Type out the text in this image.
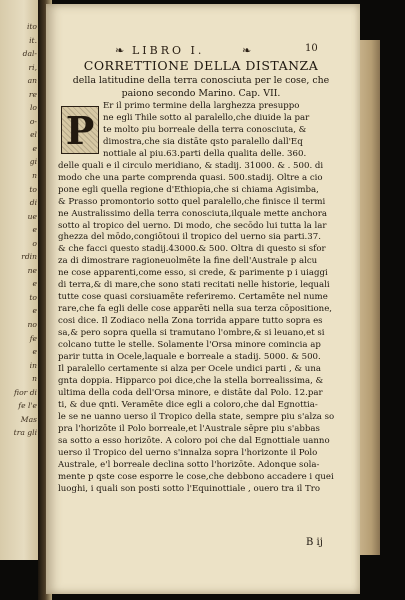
ito
it.
dal-
ri,
an
re
lo
o-
el
e
gi
n
to
di
ue
e
o
rdin
ne
e
to
e
no
fe
e
in
n
fior di
fe l'e
Mas
tra gli
❧ LIBRO I.	❧	10
CORRETTIONE DELLA DISTANZA
della latitudine della terra conosciuta per le cose, che
paiono secondo Marino. Cap. VII.
Er il primo termine della larghezza presuppo
ne egli Thile sotto al paralello,che diuide la par
te molto piu borreale della terra conosciuta, &
dimostra,che sia distāte qsto paralello dall'Eq
nottiale al piu.63.parti della qualita delle. 360.
delle quali e il circulo meridiano, & stadij. 31000. & . 500. di
modo che una parte comprenda quasi. 500.stadij. Oltre a cio
pone egli quella regione d'Ethiopia,che si chiama Agisimba,
& Prasso promontorio sotto quel paralello,che finisce il termi
ne Australissimo della terra conosciuta,ilquale mette anchora
sotto al tropico del uerno. Di modo, che secōdo lui tutta la lar
ghezza del mōdo,congiōtoui il tropico del uerno sia parti.37.
& che facci questo stadij.43000.& 500. Oltra di questo si sfor
za di dimostrare ragioneuolmēte la fine dell'Australe p alcu
ne cose apparenti,come esso, si crede, & parimente p i uiaggi
di terra,& di mare,che sono stati recitati nelle historie, lequali
tutte cose quasi corsiuamēte referiremo. Certamēte nel nume
rare,che fa egli delle cose apparēti nella sua terza cōpositione,
cosi dice. Il Zodiaco nella Zona torrida appare tutto sopra es
sa,& pero sopra quella si tramutano l'ombre,& si leuano,et si
colcano tutte le stelle. Solamente l'Orsa minore comincia ap
parir tutta in Ocele,laquale e borreale a stadij. 5000. & 500.
Il paralello certamente si alza per Ocele undici parti , & una
gnta doppia. Hipparco poi dice,che la stella borrealissima, &
ultima della coda dell'Orsa minore, e distāte dal Polo. 12.par
ti, & due qnti. Veramēte dice egli a coloro,che dal Egnottia-
le se ne uanno uerso il Tropico della state, sempre piu s'alza so
pra l'horizōte il Polo borreale,et l'Australe sēpre piu s'abbas
sa sotto a esso horizōte. A coloro poi che dal Egnottiale uanno
uerso il Tropico del uerno s'innalza sopra l'horizonte il Polo
Australe, e'l borreale declina sotto l'horizōte. Adonque sola-
mente p qste cose esporre le cose,che debbono accadere i quei
luoghi, i quali son posti sotto l'Equinottiale , ouero tra il Tro
P
B ij
